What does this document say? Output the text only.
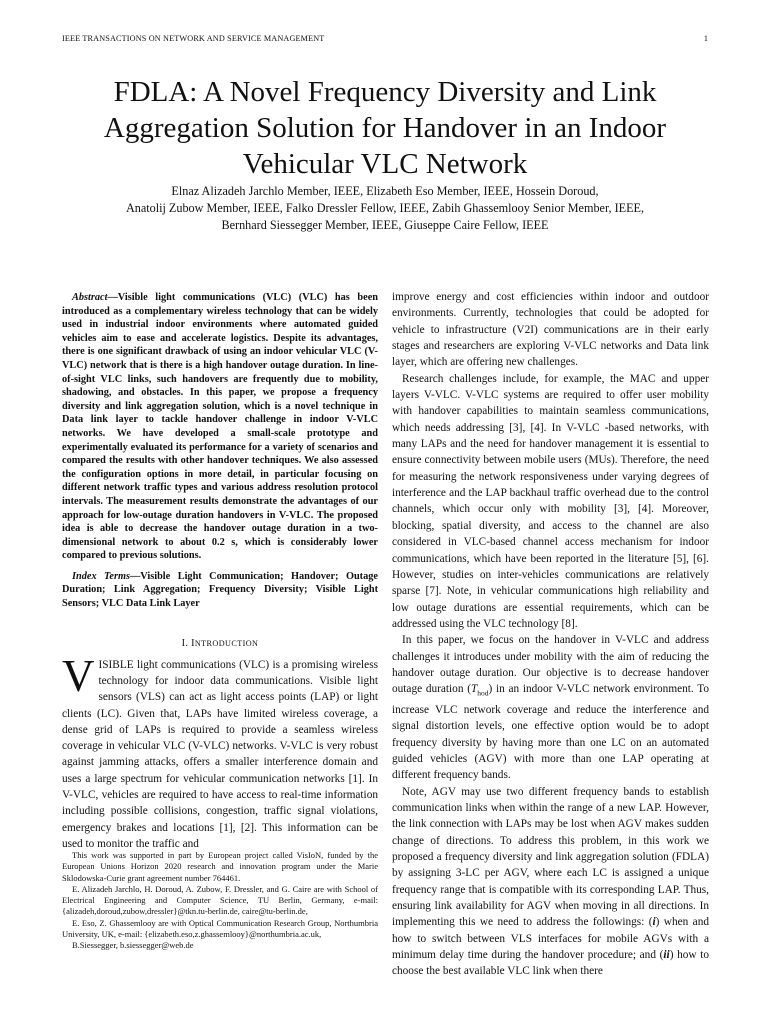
IEEE TRANSACTIONS ON NETWORK AND SERVICE MANAGEMENT	1
FDLA: A Novel Frequency Diversity and Link
Aggregation Solution for Handover in an Indoor
Vehicular VLC Network
Elnaz Alizadeh Jarchlo Member, IEEE, Elizabeth Eso Member, IEEE, Hossein Doroud,
Anatolij Zubow Member, IEEE, Falko Dressler Fellow, IEEE, Zabih Ghassemlooy Senior Member, IEEE,
Bernhard Siessegger Member, IEEE, Giuseppe Caire Fellow, IEEE

Abstract—Visible light communications (VLC) (VLC) has been introduced as a complementary wireless technology that can be widely used in industrial indoor environments where automated guided vehicles aim to ease and accelerate logistics. Despite its advantages, there is one significant drawback of using an indoor vehicular VLC (V-VLC) network that is there is a high handover outage duration. In line-of-sight VLC links, such handovers are frequently due to mobility, shadowing, and obstacles. In this paper, we propose a frequency diversity and link aggregation solution, which is a novel technique in Data link layer to tackle handover challenge in indoor V-VLC networks. We have developed a small-scale prototype and experimentally evaluated its performance for a variety of scenarios and compared the results with other handover techniques. We also assessed the configuration options in more detail, in particular focusing on different network traffic types and various address resolution protocol intervals. The measurement results demonstrate the advantages of our approach for low-outage duration handovers in V-VLC. The proposed idea is able to decrease the handover outage duration in a two-dimensional network to about 0.2 s, which is considerably lower compared to previous solutions.

Index Terms—Visible Light Communication; Handover; Outage Duration; Link Aggregation; Frequency Diversity; Visible Light Sensors; VLC Data Link Layer

I. INTRODUCTION

VISIBLE light communications (VLC) is a promising wireless technology for indoor data communications. Visible light sensors (VLS) can act as light access points (LAP) or light clients (LC). Given that, LAPs have limited wireless coverage, a dense grid of LAPs is required to provide a seamless wireless coverage in vehicular VLC (V-VLC) networks. V-VLC is very robust against jamming attacks, offers a smaller interference domain and uses a large spectrum for vehicular communication networks [1]. In V-VLC, vehicles are required to have access to real-time information including possible collisions, congestion, traffic signal violations, emergency brakes and locations [1], [2]. This information can be used to monitor the traffic and

This work was supported in part by European project called VisIoN, funded by the European Unions Horizon 2020 research and innovation program under the Marie Sklodowska-Curie grant agreement number 764461.

E. Alizadeh Jarchlo, H. Doroud, A. Zubow, F. Dressler, and G. Caire are with School of Electrical Engineering and Computer Science, TU Berlin, Germany, e-mail: {alizadeh,doroud,zubow,dressler}@tkn.tu-berlin.de, caire@tu-berlin.de,

E. Eso, Z. Ghassemlooy are with Optical Communication Research Group, Northumbria University, UK, e-mail: {elizabeth.eso,z.ghassemlooy}@northumbria.ac.uk,

B.Siessegger, b.siessegger@web.de

improve energy and cost efficiencies within indoor and outdoor environments. Currently, technologies that could be adopted for vehicle to infrastructure (V2I) communications are in their early stages and researchers are exploring V-VLC networks and Data link layer, which are offering new challenges.

Research challenges include, for example, the MAC and upper layers V-VLC. V-VLC systems are required to offer user mobility with handover capabilities to maintain seamless communications, which needs addressing [3], [4]. In V-VLC -based networks, with many LAPs and the need for handover management it is essential to ensure connectivity between mobile users (MUs). Therefore, the need for measuring the network responsiveness under varying degrees of interference and the LAP backhaul traffic overhead due to the control channels, which occur only with mobility [3], [4]. Moreover, blocking, spatial diversity, and access to the channel are also considered in VLC-based channel access mechanism for indoor communications, which have been reported in the literature [5], [6]. However, studies on inter-vehicles communications are relatively sparse [7]. Note, in vehicular communications high reliability and low outage durations are essential requirements, which can be addressed using the VLC technology [8].

In this paper, we focus on the handover in V-VLC and address challenges it introduces under mobility with the aim of reducing the handover outage duration. Our objective is to decrease handover outage duration $(T_{hod})$ in an indoor V-VLC network environment. To increase VLC network coverage and reduce the interference and signal distortion levels, one effective option would be to adopt frequency diversity by having more than one LC on an automated guided vehicles (AGV) with more than one LAP operating at different frequency bands.

Note, AGV may use two different frequency bands to establish communication links when within the range of a new LAP. However, the link connection with LAPs may be lost when AGV makes sudden change of directions. To address this problem, in this work we proposed a frequency diversity and link aggregation solution (FDLA) by assigning 3-LC per AGV, where each LC is assigned a unique frequency range that is compatible with its corresponding LAP. Thus, ensuring link availability for AGV when moving in all directions. In implementing this we need to address the followings: (i) when and how to switch between VLS interfaces for mobile AGVs with a minimum delay time during the handover procedure; and (ii) how to choose the best available VLC link when there
